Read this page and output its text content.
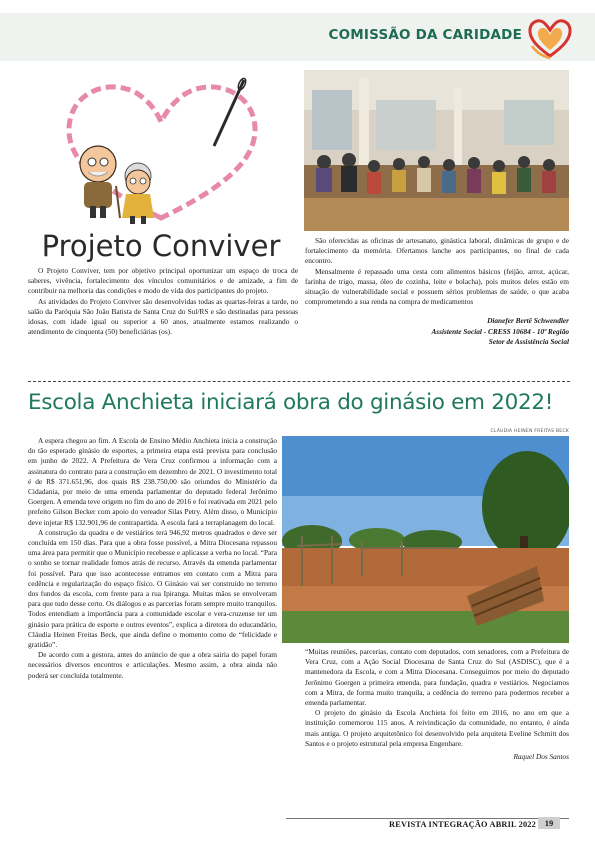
COMISSÃO DA CARIDADE
Projeto Conviver

O Projeto Conviver, tem por objetivo principal oportunizar um espaço de troca de saberes, vivência, fortalecimento dos vínculos comunitários e de amizade, a fim de contribuir na melhoria das condições e modo de vida dos participantes do projeto.

As atividades do Projeto Conviver são desenvolvidas todas as quartas-feiras a tarde, no salão da Paróquia São João Batista de Santa Cruz do Sul/RS e são destinadas para pessoas idosas, com idade igual ou superior a 60 anos, atualmente estamos realizando o atendimento de cinquenta (50) beneficiárias (os).

São oferecidas as oficinas de artesanato, ginástica laboral, dinâmicas de grupo e de fortalecimento da memória. Ofertamos lanche aos participantes, no final de cada encontro.

Mensalmente é repassado uma cesta com alimentos básicos (feijão, arroz, açúcar, farinha de trigo, massa, óleo de cozinha, leite e bolacha), pois muitos deles estão em situação de vulnerabilidade social e possuem sérios problemas de saúde, o que acaba comprometendo a sua renda na compra de medicamentos

Dianefer Bertê Schwendler
Assistente Social - CRESS 10684 - 10ª Região
Setor de Assistência Social
Escola Anchieta iniciará obra do ginásio em 2022!
CLÁUDIA HEINEN FREITAS BECK

A espera chegou ao fim. A Escola de Ensino Médio Anchieta inicia a construção do tão esperado ginásio de esportes, a primeira etapa está prevista para conclusão em junho de 2022. A Prefeitura de Vera Cruz confirmou a informação com a assinatura do contrato para a construção em dezembro de 2021. O investimento total é de R$ 371.651,96, dos quais R$ 238.750,00 são oriundos do Ministério da Cidadania, por meio de uma emenda parlamentar do deputado federal Jerônimo Goergen. A emenda teve origem no fim do ano de 2016 e foi reativada em 2021 pelo prefeito Gilson Becker com apoio do vereador Silas Petry. Além disso, o Município deve injetar R$ 132.901,96 de contrapartida. A escola fará a terraplanagem do local.

A construção da quadra e de vestiários terá 946,92 metros quadrados e deve ser concluída em 150 dias. Para que a obra fosse possível, a Mitra Diocesana repassou uma área para permitir que o Município recebesse e aplicasse a verba no local. “Para o sonho se tornar realidade fomos atrás de recurso. Através da emenda parlamentar foi possível. Para que isso acontecesse entramos em contato com a Mitra para cedência e regularização do espaço físico. O Ginásio vai ser construído no terreno dos fundos da escola, com frente para a rua Ipiranga. Muitas mãos se envolveram para que tudo desse certo. Os diálogos e as parcerias foram sempre muito tranquilos. Todos entendiam a importância para a comunidade escolar e vera-cruzense ter um ginásio para prática de esporte e outros eventos”, explica a diretora do educandário, Cláudia Heinen Freitas Beck, que ainda define o momento como de “felicidade e gratidão”.

De acordo com a gestora, antes do anúncio de que a obra sairia do papel foram necessários diversos encontros e articulações. Mesmo assim, a obra ainda não poderá ser concluída totalmente.

“Muitas reuniões, parcerias, contato com deputados, com senadores, com a Prefeitura de Vera Cruz, com a Ação Social Diocesana de Santa Cruz do Sul (ASDISC), que é a mantenedora da Escola, e com a Mitra Diocesana. Conseguimos por meio do deputado Jerônimo Goergen a primeira emenda, para fundação, quadra e vestiários. Negociamos com a Mitra, de forma muito tranquila, a cedência do terreno para podermos receber a emenda parlamentar.

O projeto do ginásio da Escola Anchieta foi feito em 2016, no ano em que a instituição comemorou 115 anos. A reivindicação da comunidade, no entanto, é ainda mais antiga. O projeto arquitetônico foi desenvolvido pela arquiteta Eveline Schmitt dos Santos e o projeto estrutural pela empresa Engenhare.

Raquel Dos Santos
REVISTA INTEGRAÇÃO ABRIL 2022	19
